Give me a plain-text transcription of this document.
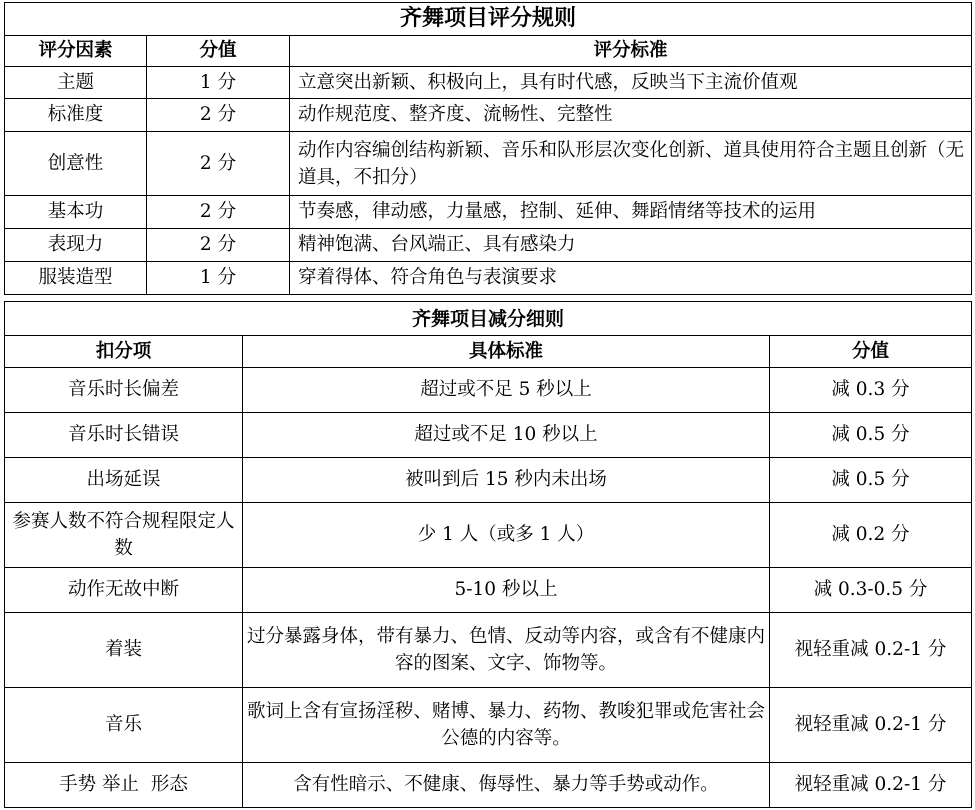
齐舞项目评分规则		
评分因素	分值	评分标准
主题	1 分	立意突出新颖、积极向上，具有时代感，反映当下主流价值观
标准度	2 分	动作规范度、整齐度、流畅性、完整性
创意性	2 分	动作内容编创结构新颖、音乐和队形层次变化创新、道具使用符合主题且创新（无道具，不扣分）
基本功	2 分	节奏感，律动感，力量感，控制、延伸、舞蹈情绪等技术的运用
表现力	2 分	精神饱满、台风端正、具有感染力
服装造型	1 分	穿着得体、符合角色与表演要求
齐舞项目减分细则		
扣分项	具体标准	分值
音乐时长偏差	超过或不足 5 秒以上	减 0.3 分
音乐时长错误	超过或不足 10 秒以上	减 0.5 分
出场延误	被叫到后 15 秒内未出场	减 0.5 分
参赛人数不符合规程限定人数	少 1 人（或多 1 人）	减 0.2 分
动作无故中断	5-10 秒以上	减 0.3-0.5 分
着装	过分暴露身体，带有暴力、色情、反动等内容，或含有不健康内容的图案、文字、饰物等。	视轻重减 0.2-1 分
音乐	歌词上含有宣扬淫秽、赌博、暴力、药物、教唆犯罪或危害社会公德的内容等。	视轻重减 0.2-1 分
手势 举止  形态	含有性暗示、不健康、侮辱性、暴力等手势或动作。	视轻重减 0.2-1 分
